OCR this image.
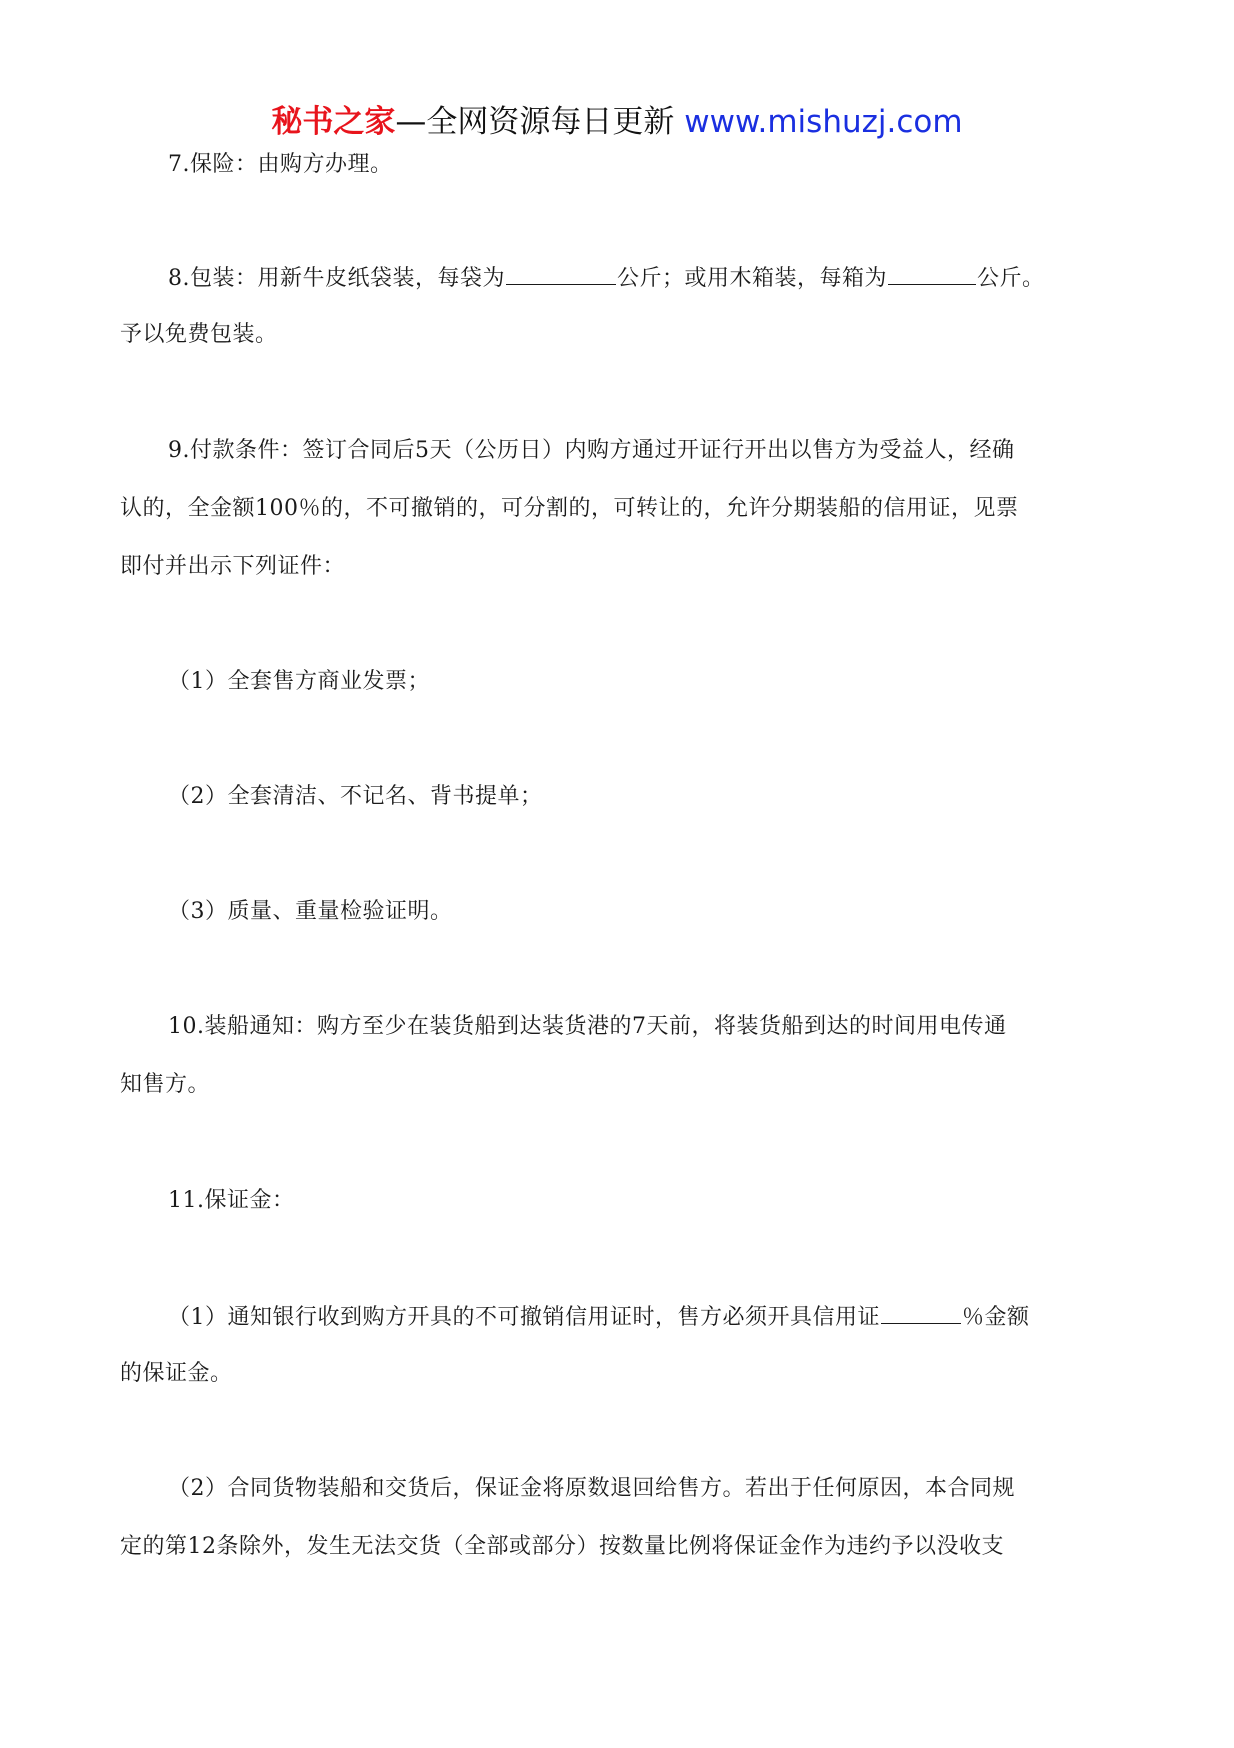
秘书之家—全网资源每日更新 www.mishuzj.com
7.保险：由购方办理。
8.包装：用新牛皮纸袋装，每袋为	公斤；或用木箱装，每箱为	公斤。
予以免费包装。
9.付款条件：签订合同后5天（公历日）内购方通过开证行开出以售方为受益人，经确
认的，全金额100％的，不可撤销的，可分割的，可转让的，允许分期装船的信用证，见票
即付并出示下列证件：
（1）全套售方商业发票；
（2）全套清洁、不记名、背书提单；
（3）质量、重量检验证明。
10.装船通知：购方至少在装货船到达装货港的7天前，将装货船到达的时间用电传通
知售方。
11.保证金：
（1）通知银行收到购方开具的不可撤销信用证时，售方必须开具信用证	％金额
的保证金。
（2）合同货物装船和交货后，保证金将原数退回给售方。若出于任何原因，本合同规
定的第12条除外，发生无法交货（全部或部分）按数量比例将保证金作为违约予以没收支
